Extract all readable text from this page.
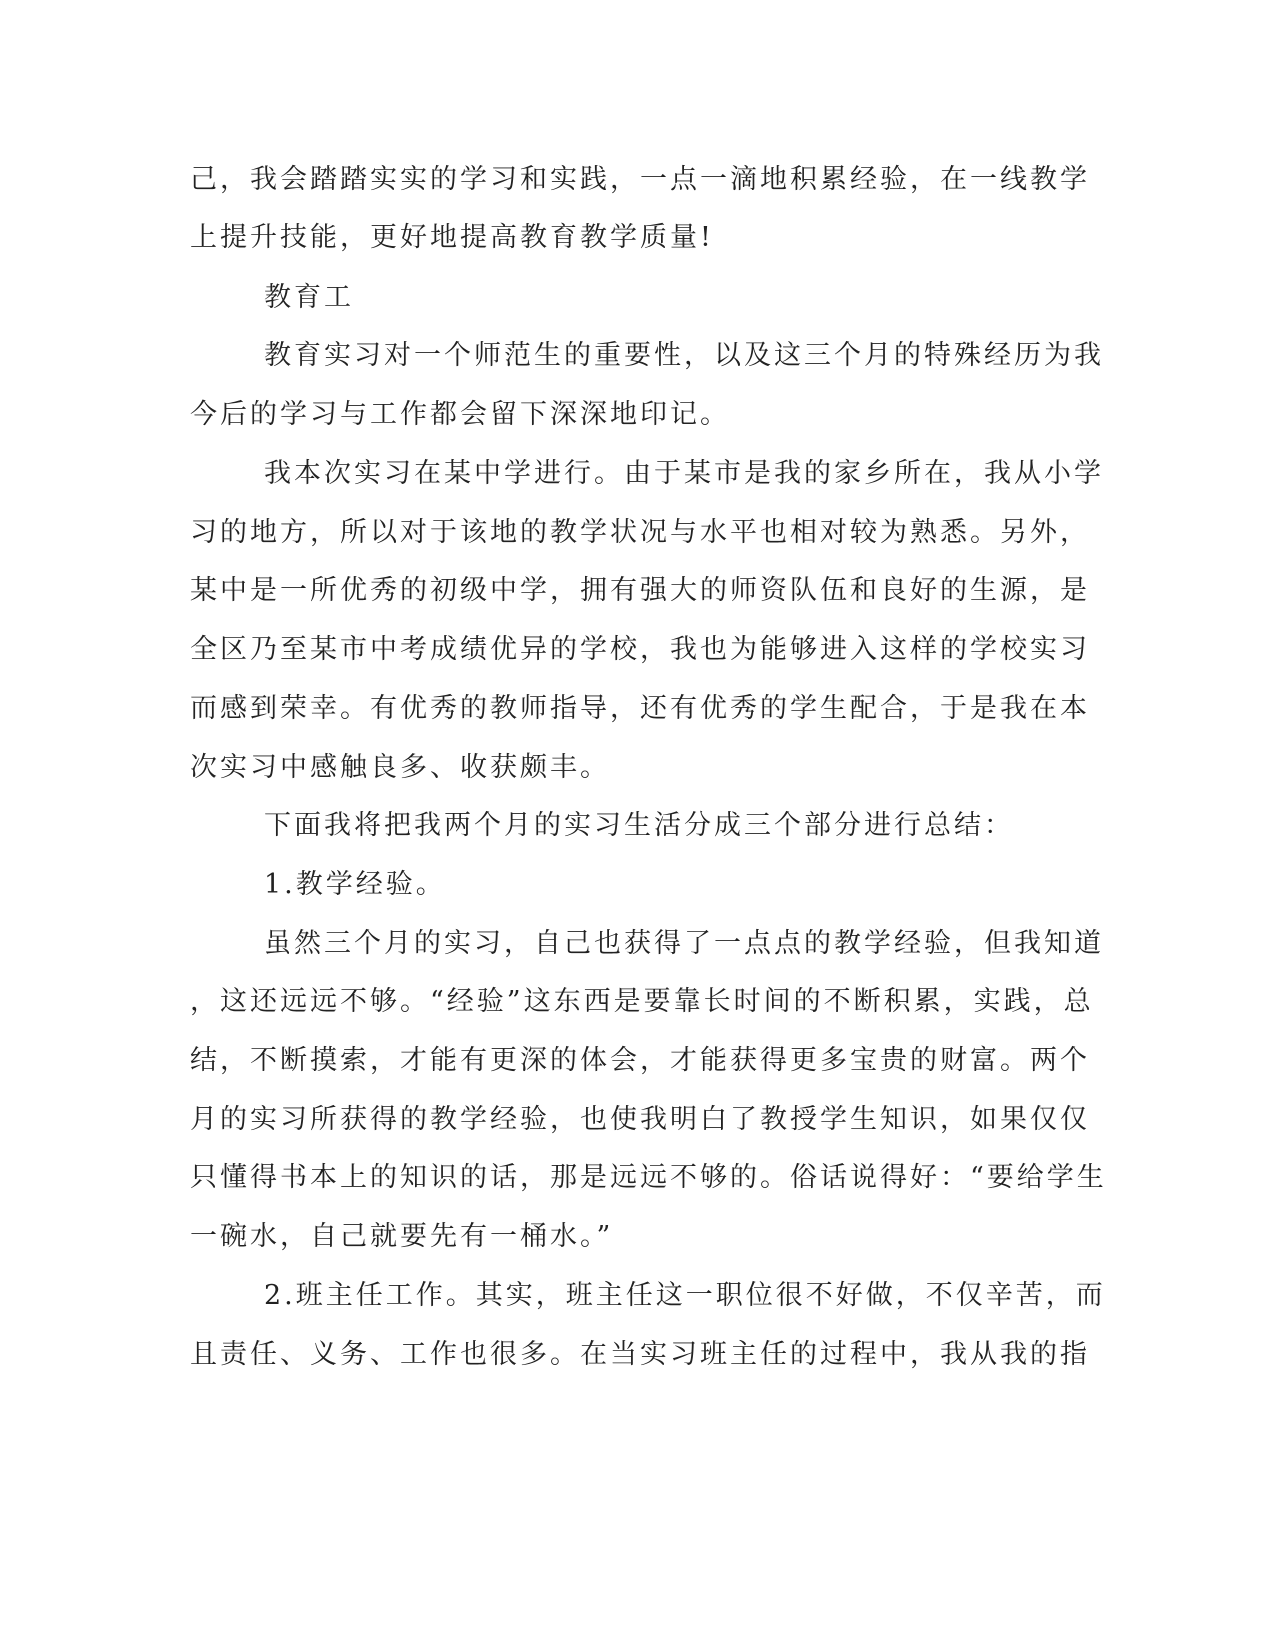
己，我会踏踏实实的学习和实践，一点一滴地积累经验，在一线教学
上提升技能，更好地提高教育教学质量!
教育工
教育实习对一个师范生的重要性，以及这三个月的特殊经历为我
今后的学习与工作都会留下深深地印记。
我本次实习在某中学进行。由于某市是我的家乡所在，我从小学
习的地方，所以对于该地的教学状况与水平也相对较为熟悉。另外，
某中是一所优秀的初级中学，拥有强大的师资队伍和良好的生源，是
全区乃至某市中考成绩优异的学校，我也为能够进入这样的学校实习
而感到荣幸。有优秀的教师指导，还有优秀的学生配合，于是我在本
次实习中感触良多、收获颇丰。
下面我将把我两个月的实习生活分成三个部分进行总结：
1.教学经验。
虽然三个月的实习，自己也获得了一点点的教学经验，但我知道
，这还远远不够。“经验”这东西是要靠长时间的不断积累，实践，总
结，不断摸索，才能有更深的体会，才能获得更多宝贵的财富。两个
月的实习所获得的教学经验，也使我明白了教授学生知识，如果仅仅
只懂得书本上的知识的话，那是远远不够的。俗话说得好：“要给学生
一碗水，自己就要先有一桶水。”
2.班主任工作。其实，班主任这一职位很不好做，不仅辛苦，而
且责任、义务、工作也很多。在当实习班主任的过程中，我从我的指
